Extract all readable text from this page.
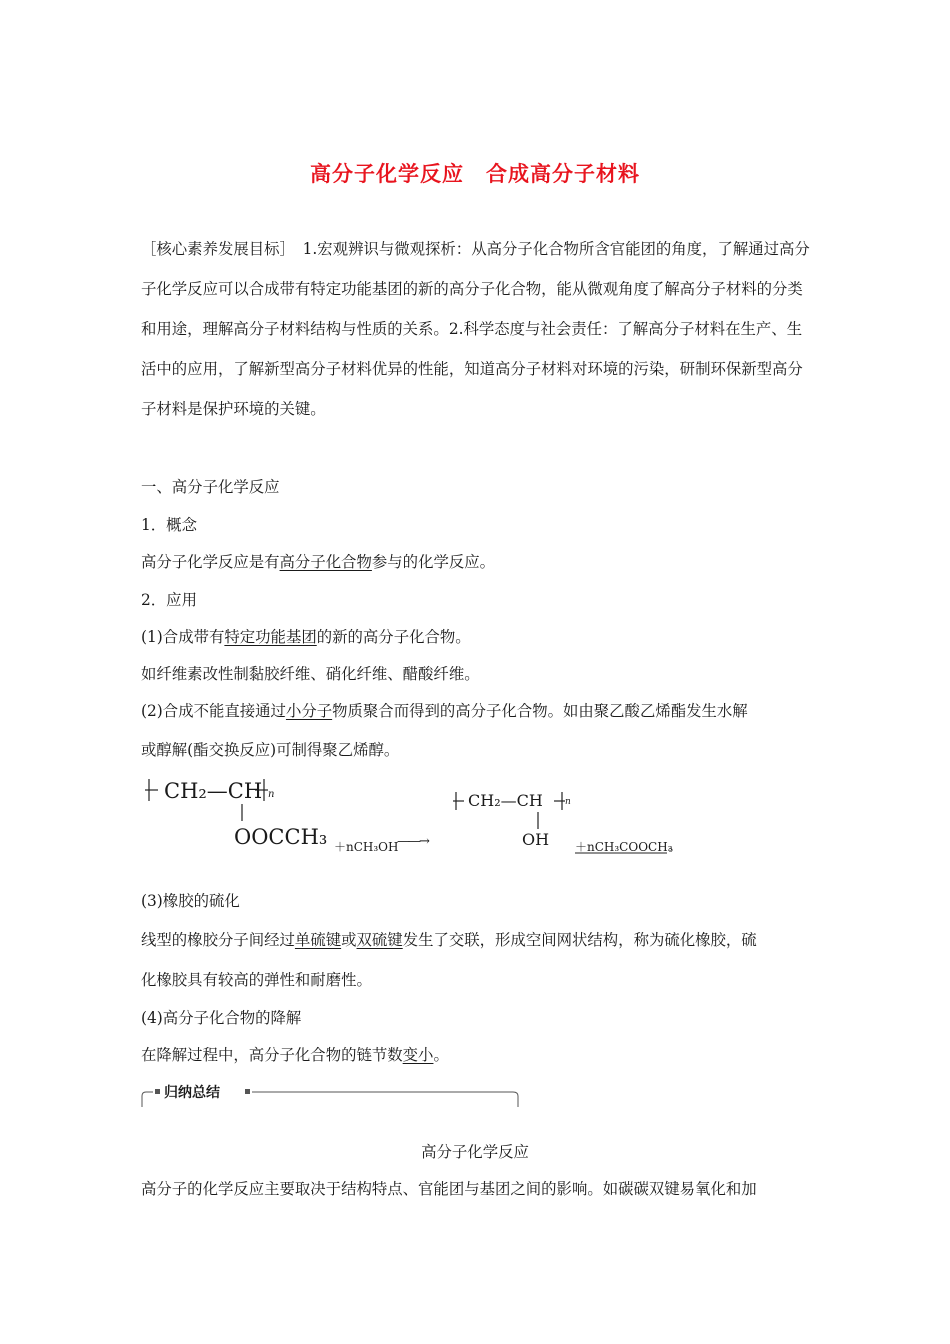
高分子化学反应　合成高分子材料
［核心素养发展目标］　1.宏观辨识与微观探析：从高分子化合物所含官能团的角度，了解通过高分子化学反应可以合成带有特定功能基团的新的高分子化合物，能从微观角度了解高分子材料的分类和用途，理解高分子材料结构与性质的关系。2.科学态度与社会责任：了解高分子材料在生产、生活中的应用，了解新型高分子材料优异的性能，知道高分子材料对环境的污染，研制环保新型高分子材料是保护环境的关键。
一、高分子化学反应
1．概念
高分子化学反应是有高分子化合物参与的化学反应。
2．应用
(1)合成带有特定功能基团的新的高分子化合物。
如纤维素改性制黏胶纤维、硝化纤维、醋酸纤维。
(2)合成不能直接通过小分子物质聚合而得到的高分子化合物。如由聚乙酸乙烯酯发生水解
或醇解(酯交换反应)可制得聚乙烯醇。
CH₂—CH n
OOCCH₃ ＋nCH₃OH
——→
CH₂—CH n
OH ＋nCH₃COOCH₃
。
(3)橡胶的硫化
线型的橡胶分子间经过单硫键或双硫键发生了交联，形成空间网状结构，称为硫化橡胶，硫
化橡胶具有较高的弹性和耐磨性。
(4)高分子化合物的降解
在降解过程中，高分子化合物的链节数变小。
归纳总结
高分子化学反应
高分子的化学反应主要取决于结构特点、官能团与基团之间的影响。如碳碳双键易氧化和加
